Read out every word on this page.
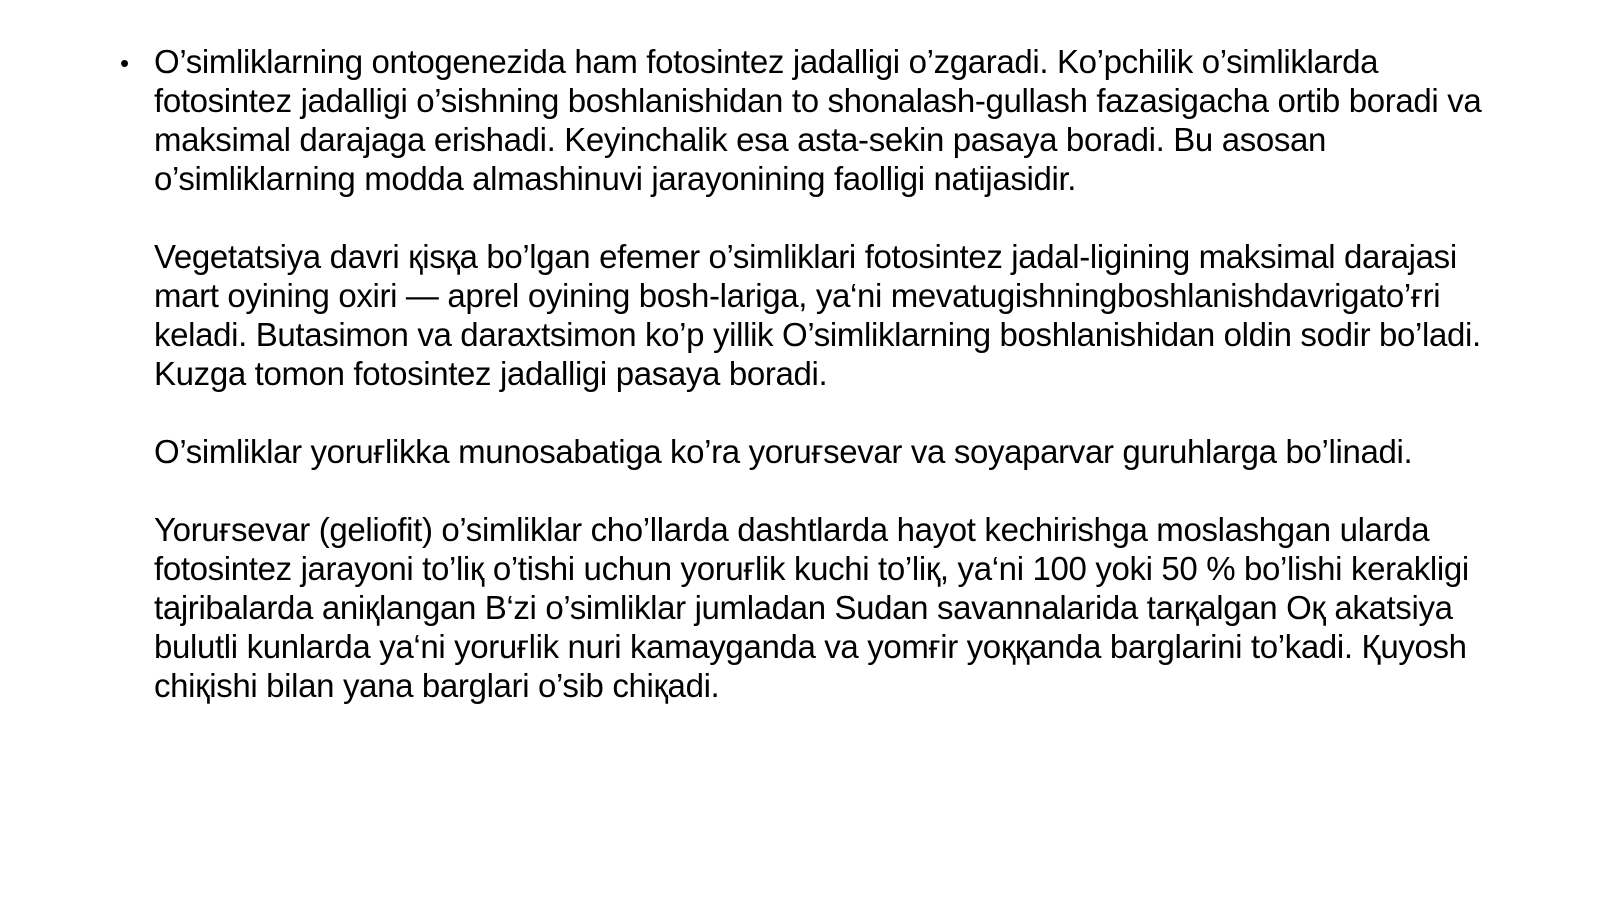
• O’simliklarning ontogenezida ham fotosintez jadalligi o’zgaradi. Ko’pchilik o’simliklarda fotosintez jadalligi o’sishning boshlanishidan to shonalash-gullash fazasigacha ortib boradi va maksimal darajaga erishadi. Keyinchalik esa asta-sekin pasaya boradi. Bu asosan o’simliklarning modda almashinuvi jarayonining faolligi natijasidir.

Vegetatsiya davri қisқa bo’lgan efemer o’simliklari fotosintez jadal-ligining maksimal darajasi mart oyining oxiri — aprel oyining bosh-lariga, ya‘ni mevatugishningboshlanishdavrigato’ғri keladi. Butasimon va daraxtsimon ko’p yillik O’simliklarning boshlanishidan oldin sodir bo’ladi. Kuzga tomon fotosintez jadalligi pasaya boradi.

O’simliklar yoruғlikka munosabatiga ko’ra yoruғsevar va soyaparvar guruhlarga bo’linadi.

Yoruғsevar (geliofit) o’simliklar cho’llarda dashtlarda hayot kechirishga moslashgan ularda fotosintez jarayoni to’liқ o’tishi uchun yoruғlik kuchi to’liқ, ya‘ni 100 yoki 50 % bo’lishi kerakligi tajribalarda aniқlangan B‘zi o’simliklar jumladan Sudan savannalarida tarқalgan Oқ akatsiya bulutli kunlarda ya‘ni yoruғlik nuri kamayganda va yomғir yoққanda barglarini to’kadi. Қuyosh chiқishi bilan yana barglari o’sib chiқadi.
